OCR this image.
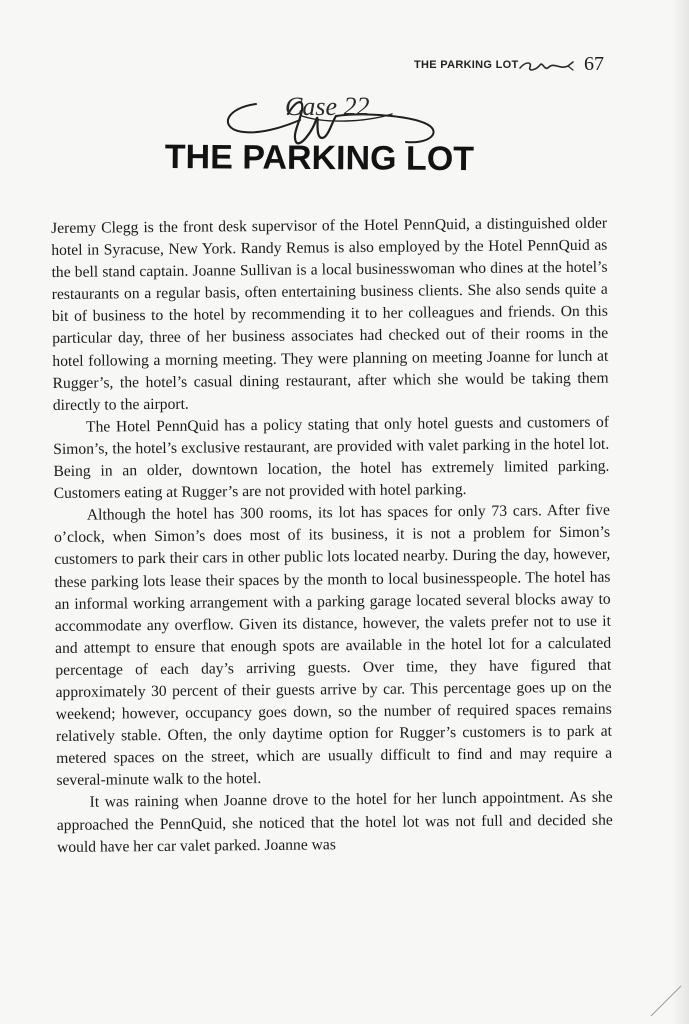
THE PARKING LOT	67
Case 22
THE PARKING LOT

Jeremy Clegg is the front desk supervisor of the Hotel PennQuid, a distinguished older hotel in Syracuse, New York. Randy Remus is also employed by the Hotel PennQuid as the bell stand captain. Joanne Sullivan is a local businesswoman who dines at the hotel’s restaurants on a regular basis, often entertaining business clients. She also sends quite a bit of business to the hotel by recommending it to her colleagues and friends. On this particular day, three of her business associates had checked out of their rooms in the hotel following a morning meeting. They were planning on meeting Joanne for lunch at Rugger’s, the hotel’s casual dining restaurant, after which she would be taking them directly to the airport.

The Hotel PennQuid has a policy stating that only hotel guests and customers of Simon’s, the hotel’s exclusive restaurant, are provided with valet parking in the hotel lot. Being in an older, downtown location, the hotel has extremely limited parking. Customers eating at Rugger’s are not provided with hotel parking.

Although the hotel has 300 rooms, its lot has spaces for only 73 cars. After five o’clock, when Simon’s does most of its business, it is not a problem for Simon’s customers to park their cars in other public lots located nearby. During the day, however, these parking lots lease their spaces by the month to local businesspeople. The hotel has an informal working arrangement with a parking garage located several blocks away to accommodate any overflow. Given its distance, however, the valets prefer not to use it and attempt to ensure that enough spots are available in the hotel lot for a calculated percentage of each day’s arriving guests. Over time, they have figured that approximately 30 percent of their guests arrive by car. This percentage goes up on the weekend; however, occupancy goes down, so the number of required spaces remains relatively stable. Often, the only daytime option for Rugger’s customers is to park at metered spaces on the street, which are usually difficult to find and may require a several-minute walk to the hotel.

It was raining when Joanne drove to the hotel for her lunch appointment. As she approached the PennQuid, she noticed that the hotel lot was not full and decided she would have her car valet parked. Joanne was
